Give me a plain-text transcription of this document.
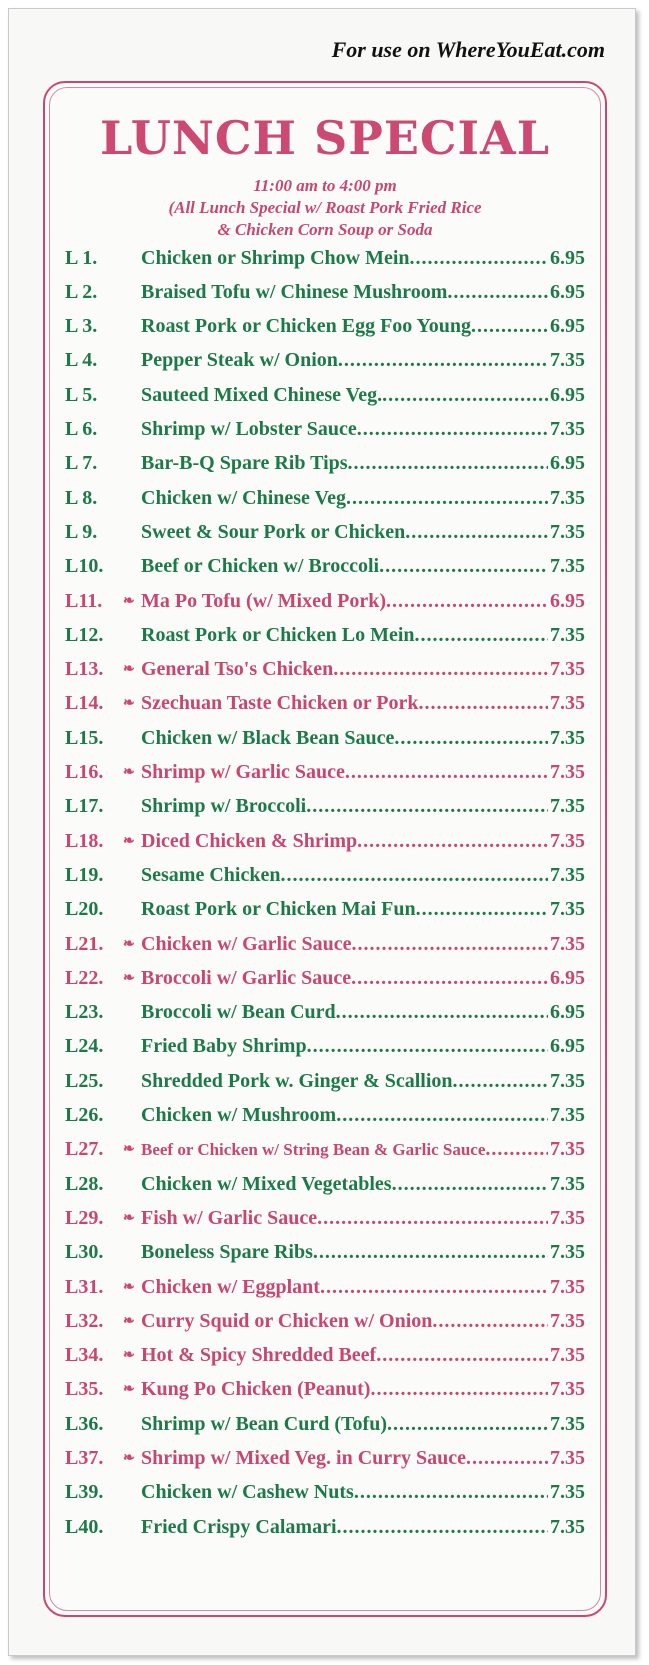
For use on WhereYouEat.com
LUNCH SPECIAL
11:00 am to 4:00 pm
(All Lunch Special w/ Roast Pork Fried Rice
& Chicken Corn Soup or Soda
L 1.	Chicken or Shrimp Chow Mein .....	6.95
L 2.	Braised Tofu w/ Chinese Mushroom .....	6.95
L 3.	Roast Pork or Chicken Egg Foo Young .....	6.95
L 4.	Pepper Steak w/ Onion .....	7.35
L 5.	Sauteed Mixed Chinese Veg. .....	6.95
L 6.	Shrimp w/ Lobster Sauce .....	7.35
L 7.	Bar-B-Q Spare Rib Tips .....	6.95
L 8.	Chicken w/ Chinese Veg .....	7.35
L 9.	Sweet & Sour Pork or Chicken .....	7.35
L10.	Beef or Chicken w/ Broccoli .....	7.35
L11.	❧ Ma Po Tofu (w/ Mixed Pork) .....	6.95
L12.	Roast Pork or Chicken Lo Mein .....	7.35
L13.	❧ General Tso's Chicken .....	7.35
L14.	❧ Szechuan Taste Chicken or Pork .....	7.35
L15.	Chicken w/ Black Bean Sauce .....	7.35
L16.	❧ Shrimp w/ Garlic Sauce .....	7.35
L17.	Shrimp w/ Broccoli .....	7.35
L18.	❧ Diced Chicken & Shrimp .....	7.35
L19.	Sesame Chicken .....	7.35
L20.	Roast Pork or Chicken Mai Fun .....	7.35
L21.	❧ Chicken w/ Garlic Sauce .....	7.35
L22.	❧ Broccoli w/ Garlic Sauce .....	6.95
L23.	Broccoli w/ Bean Curd .....	6.95
L24.	Fried Baby Shrimp .....	6.95
L25.	Shredded Pork w. Ginger & Scallion .....	7.35
L26.	Chicken w/ Mushroom .....	7.35
L27.	❧ Beef or Chicken w/ String Bean & Garlic Sauce .....	7.35
L28.	Chicken w/ Mixed Vegetables .....	7.35
L29.	❧ Fish w/ Garlic Sauce .....	7.35
L30.	Boneless Spare Ribs .....	7.35
L31.	❧ Chicken w/ Eggplant .....	7.35
L32.	❧ Curry Squid or Chicken w/ Onion .....	7.35
L34.	❧ Hot & Spicy Shredded Beef .....	7.35
L35.	❧ Kung Po Chicken (Peanut) .....	7.35
L36.	Shrimp w/ Bean Curd (Tofu) .....	7.35
L37.	❧ Shrimp w/ Mixed Veg. in Curry Sauce .....	7.35
L39.	Chicken w/ Cashew Nuts .....	7.35
L40.	Fried Crispy Calamari .....	7.35
